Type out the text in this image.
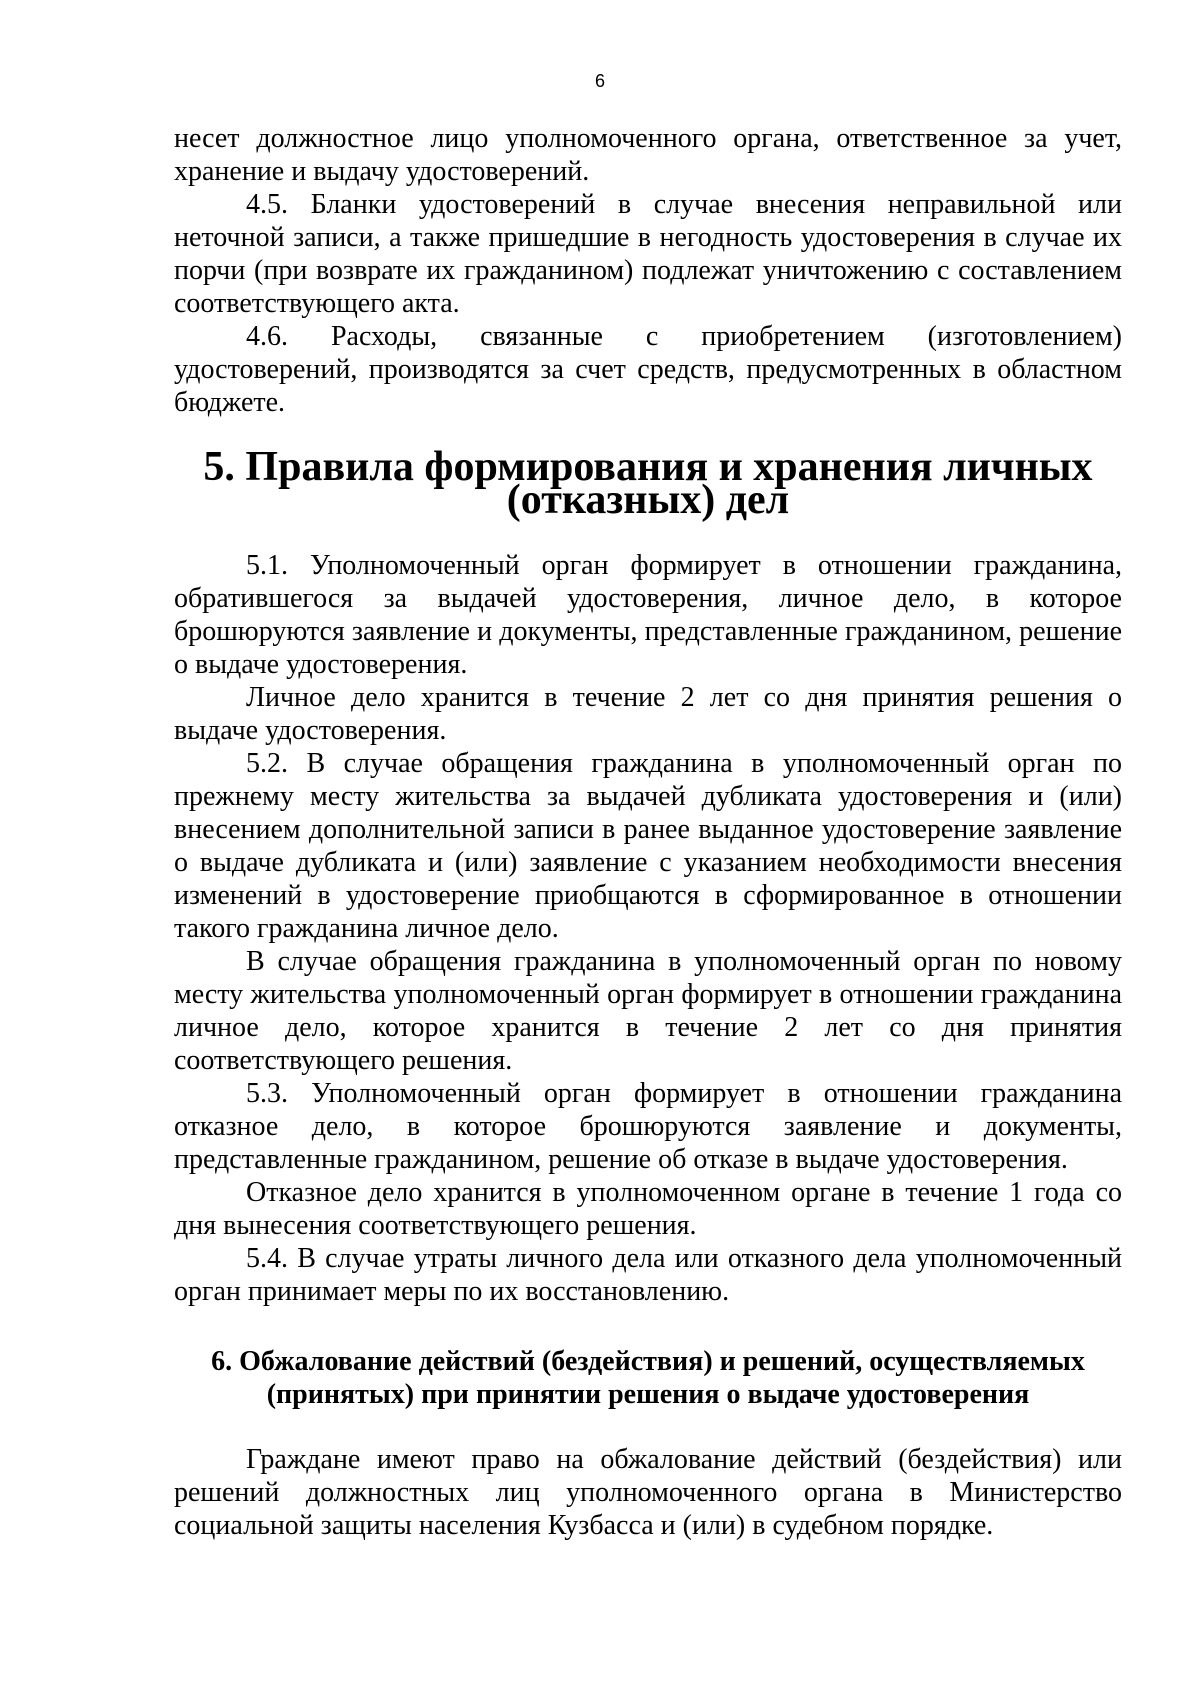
6

несет должностное лицо уполномоченного органа, ответственное за учет, хранение и выдачу удостоверений.

4.5. Бланки удостоверений в случае внесения неправильной или неточной записи, а также пришедшие в негодность удостоверения в случае их порчи (при возврате их гражданином) подлежат уничтожению с составлением соответствующего акта.

4.6. Расходы, связанные с приобретением (изготовлением) удостоверений, производятся за счет средств, предусмотренных в областном бюджете.

5. Правила формирования и хранения личных (отказных) дел

5.1. Уполномоченный орган формирует в отношении гражданина, обратившегося за выдачей удостоверения, личное дело, в которое брошюруются заявление и документы, представленные гражданином, решение о выдаче удостоверения.

Личное дело хранится в течение 2 лет со дня принятия решения о выдаче удостоверения.

5.2. В случае обращения гражданина в уполномоченный орган по прежнему месту жительства за выдачей дубликата удостоверения и (или) внесением дополнительной записи в ранее выданное удостоверение заявление о выдаче дубликата и (или) заявление с указанием необходимости внесения изменений в удостоверение приобщаются в сформированное в отношении такого гражданина личное дело.

В случае обращения гражданина в уполномоченный орган по новому месту жительства уполномоченный орган формирует в отношении гражданина личное дело, которое хранится в течение 2 лет со дня принятия соответствующего решения.

5.3. Уполномоченный орган формирует в отношении гражданина отказное дело, в которое брошюруются заявление и документы, представленные гражданином, решение об отказе в выдаче удостоверения.

Отказное дело хранится в уполномоченном органе в течение 1 года со дня вынесения соответствующего решения.

5.4. В случае утраты личного дела или отказного дела уполномоченный орган принимает меры по их восстановлению.

6. Обжалование действий (бездействия) и решений, осуществляемых
(принятых) при принятии решения о выдаче удостоверения

Граждане имеют право на обжалование действий (бездействия) или решений должностных лиц уполномоченного органа в Министерство социальной защиты населения Кузбасса и (или) в судебном порядке.
